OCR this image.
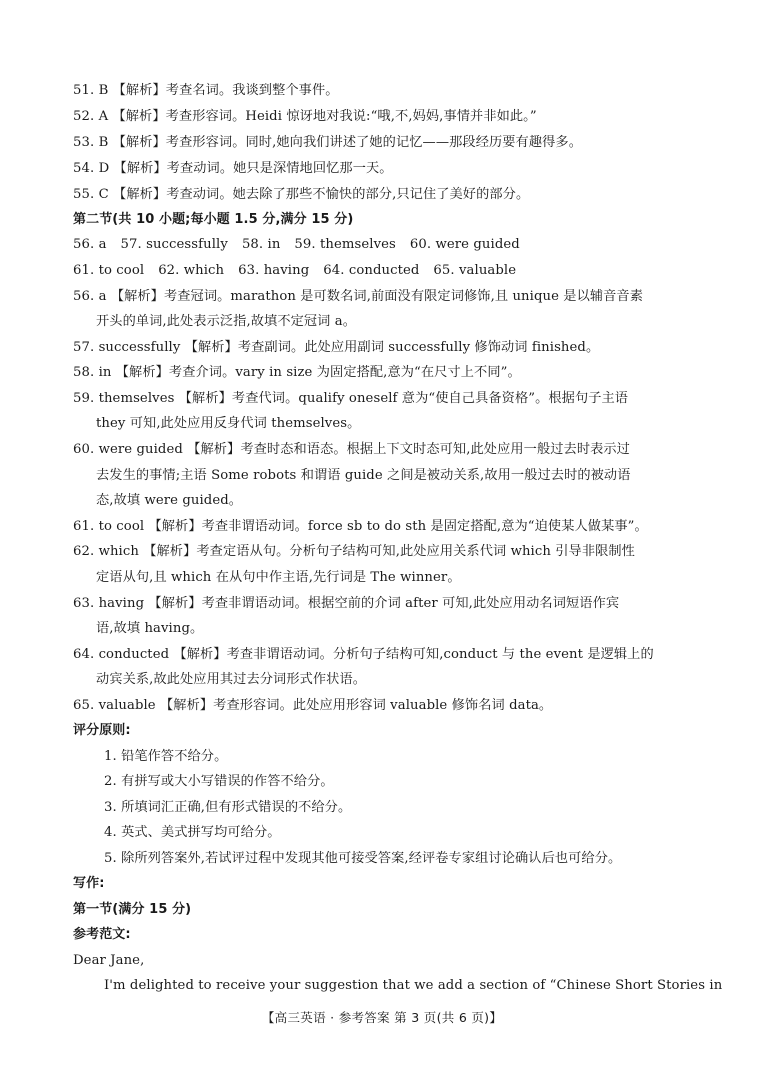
51. B 【解析】考查名词。我谈到整个事件。
52. A 【解析】考查形容词。Heidi 惊讶地对我说:“哦,不,妈妈,事情并非如此。”
53. B 【解析】考查形容词。同时,她向我们讲述了她的记忆——那段经历要有趣得多。
54. D 【解析】考查动词。她只是深情地回忆那一天。
55. C 【解析】考查动词。她去除了那些不愉快的部分,只记住了美好的部分。
第二节(共 10 小题;每小题 1.5 分,满分 15 分)
56. a 57. successfully 58. in 59. themselves 60. were guided
61. to cool 62. which 63. having 64. conducted 65. valuable
56. a 【解析】考查冠词。marathon 是可数名词,前面没有限定词修饰,且 unique 是以辅音音素
开头的单词,此处表示泛指,故填不定冠词 a。
57. successfully 【解析】考查副词。此处应用副词 successfully 修饰动词 finished。
58. in 【解析】考查介词。vary in size 为固定搭配,意为“在尺寸上不同”。
59. themselves 【解析】考查代词。qualify oneself 意为“使自己具备资格”。根据句子主语
they 可知,此处应用反身代词 themselves。
60. were guided 【解析】考查时态和语态。根据上下文时态可知,此处应用一般过去时表示过
去发生的事情;主语 Some robots 和谓语 guide 之间是被动关系,故用一般过去时的被动语
态,故填 were guided。
61. to cool 【解析】考查非谓语动词。force sb to do sth 是固定搭配,意为“迫使某人做某事”。
62. which 【解析】考查定语从句。分析句子结构可知,此处应用关系代词 which 引导非限制性
定语从句,且 which 在从句中作主语,先行词是 The winner。
63. having 【解析】考查非谓语动词。根据空前的介词 after 可知,此处应用动名词短语作宾
语,故填 having。
64. conducted 【解析】考查非谓语动词。分析句子结构可知,conduct 与 the event 是逻辑上的
动宾关系,故此处应用其过去分词形式作状语。
65. valuable 【解析】考查形容词。此处应用形容词 valuable 修饰名词 data。
评分原则:
1. 铅笔作答不给分。
2. 有拼写或大小写错误的作答不给分。
3. 所填词汇正确,但有形式错误的不给分。
4. 英式、美式拼写均可给分。
5. 除所列答案外,若试评过程中发现其他可接受答案,经评卷专家组讨论确认后也可给分。
写作:
第一节(满分 15 分)
参考范文:
Dear Jane,
I'm delighted to receive your suggestion that we add a section of “Chinese Short Stories in
【高三英语 · 参考答案 第 3 页(共 6 页)】
